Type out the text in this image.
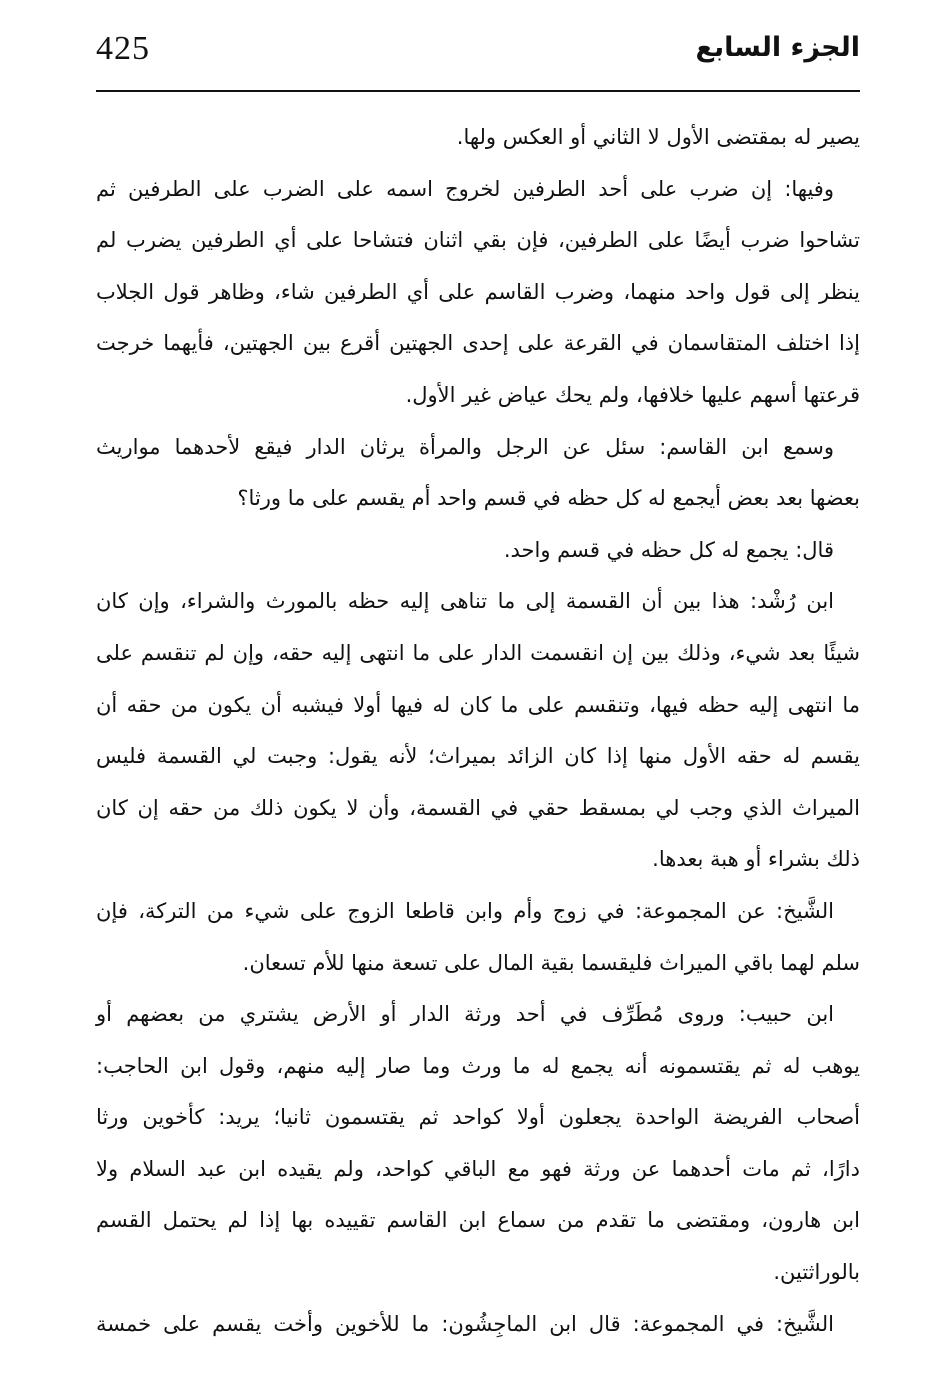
425	الجزء السابع
يصير له بمقتضى الأول لا الثاني أو العكس ولها.
وفيها: إن ضرب على أحد الطرفين لخروج اسمه على الضرب على الطرفين ثم
تشاحوا ضرب أيضًا على الطرفين، فإن بقي اثنان فتشاحا على أي الطرفين يضرب لم
ينظر إلى قول واحد منهما، وضرب القاسم على أي الطرفين شاء، وظاهر قول الجلاب
إذا اختلف المتقاسمان في القرعة على إحدى الجهتين أقرع بين الجهتين، فأيهما خرجت
قرعتها أسهم عليها خلافها، ولم يحك عياض غير الأول.
وسمع ابن القاسم: سئل عن الرجل والمرأة يرثان الدار فيقع لأحدهما مواريث
بعضها بعد بعض أيجمع له كل حظه في قسم واحد أم يقسم على ما ورثا؟
قال: يجمع له كل حظه في قسم واحد.
ابن رُشْد: هذا بين أن القسمة إلى ما تناهى إليه حظه بالمورث والشراء، وإن كان
شيئًا بعد شيء، وذلك بين إن انقسمت الدار على ما انتهى إليه حقه، وإن لم تنقسم على
ما انتهى إليه حظه فيها، وتنقسم على ما كان له فيها أولا فيشبه أن يكون من حقه أن
يقسم له حقه الأول منها إذا كان الزائد بميراث؛ لأنه يقول: وجبت لي القسمة فليس
الميراث الذي وجب لي بمسقط حقي في القسمة، وأن لا يكون ذلك من حقه إن كان
ذلك بشراء أو هبة بعدها.
الشَّيخ: عن المجموعة: في زوج وأم وابن قاطعا الزوج على شيء من التركة، فإن
سلم لهما باقي الميراث فليقسما بقية المال على تسعة منها للأم تسعان.
ابن حبيب: وروى مُطَرِّف في أحد ورثة الدار أو الأرض يشتري من بعضهم أو
يوهب له ثم يقتسمونه أنه يجمع له ما ورث وما صار إليه منهم، وقول ابن الحاجب:
أصحاب الفريضة الواحدة يجعلون أولا كواحد ثم يقتسمون ثانيا؛ يريد: كأخوين ورثا
دارًا، ثم مات أحدهما عن ورثة فهو مع الباقي كواحد، ولم يقيده ابن عبد السلام ولا
ابن هارون، ومقتضى ما تقدم من سماع ابن القاسم تقييده بها إذا لم يحتمل القسم
بالوراثتين.
الشَّيخ: في المجموعة: قال ابن الماجِشُون: ما للأخوين وأخت يقسم على خمسة
